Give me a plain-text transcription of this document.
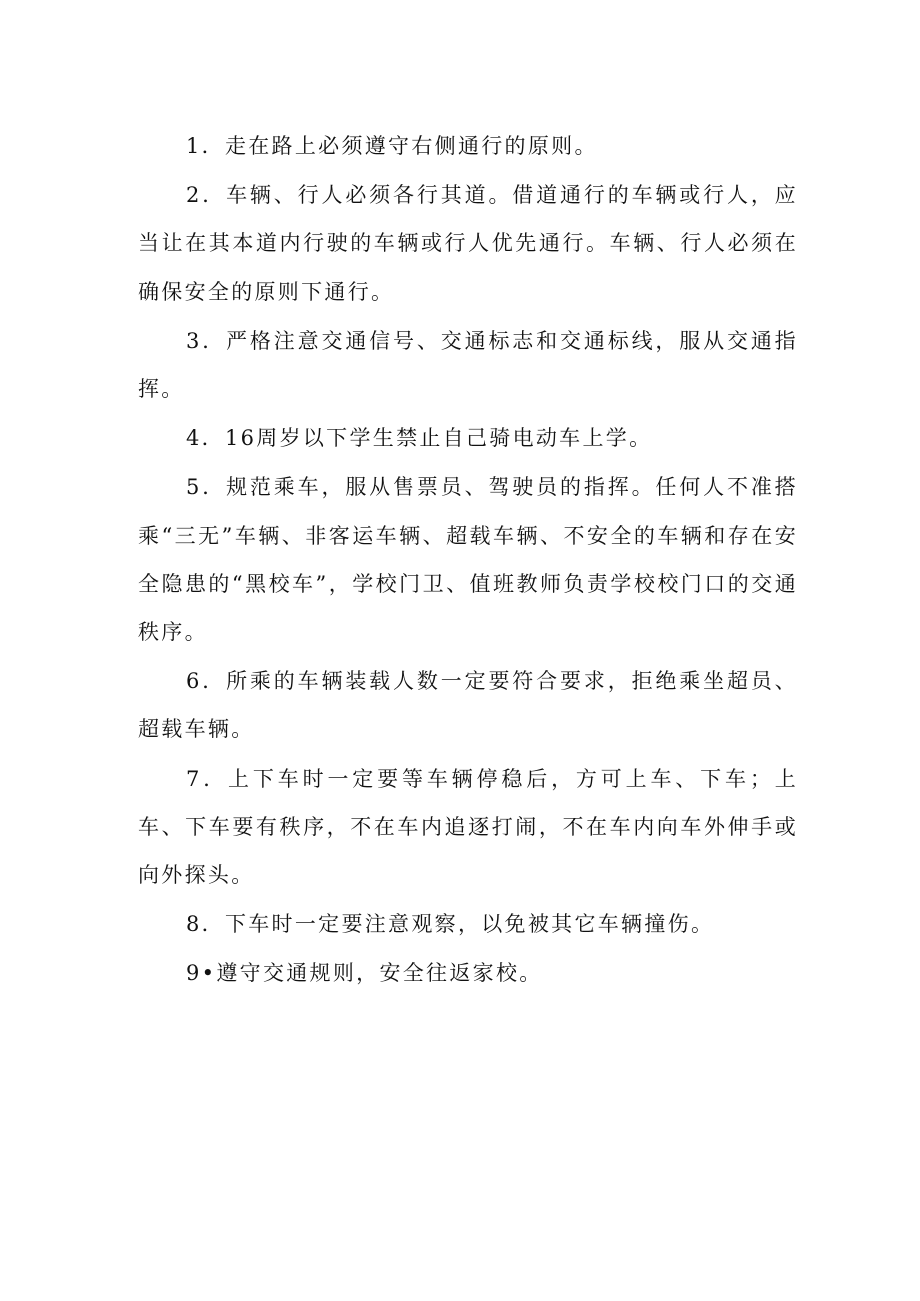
1．走在路上必须遵守右侧通行的原则。

2．车辆、行人必须各行其道。借道通行的车辆或行人，应当让在其本道内行驶的车辆或行人优先通行。车辆、行人必须在确保安全的原则下通行。

3．严格注意交通信号、交通标志和交通标线，服从交通指挥。

4．16周岁以下学生禁止自己骑电动车上学。

5．规范乘车，服从售票员、驾驶员的指挥。任何人不准搭乘“三无”车辆、非客运车辆、超载车辆、不安全的车辆和存在安全隐患的“黑校车”，学校门卫、值班教师负责学校校门口的交通秩序。

6．所乘的车辆装载人数一定要符合要求，拒绝乘坐超员、超载车辆。

7．上下车时一定要等车辆停稳后，方可上车、下车；上车、下车要有秩序，不在车内追逐打闹，不在车内向车外伸手或向外探头。

8．下车时一定要注意观察，以免被其它车辆撞伤。

9•遵守交通规则，安全往返家校。
